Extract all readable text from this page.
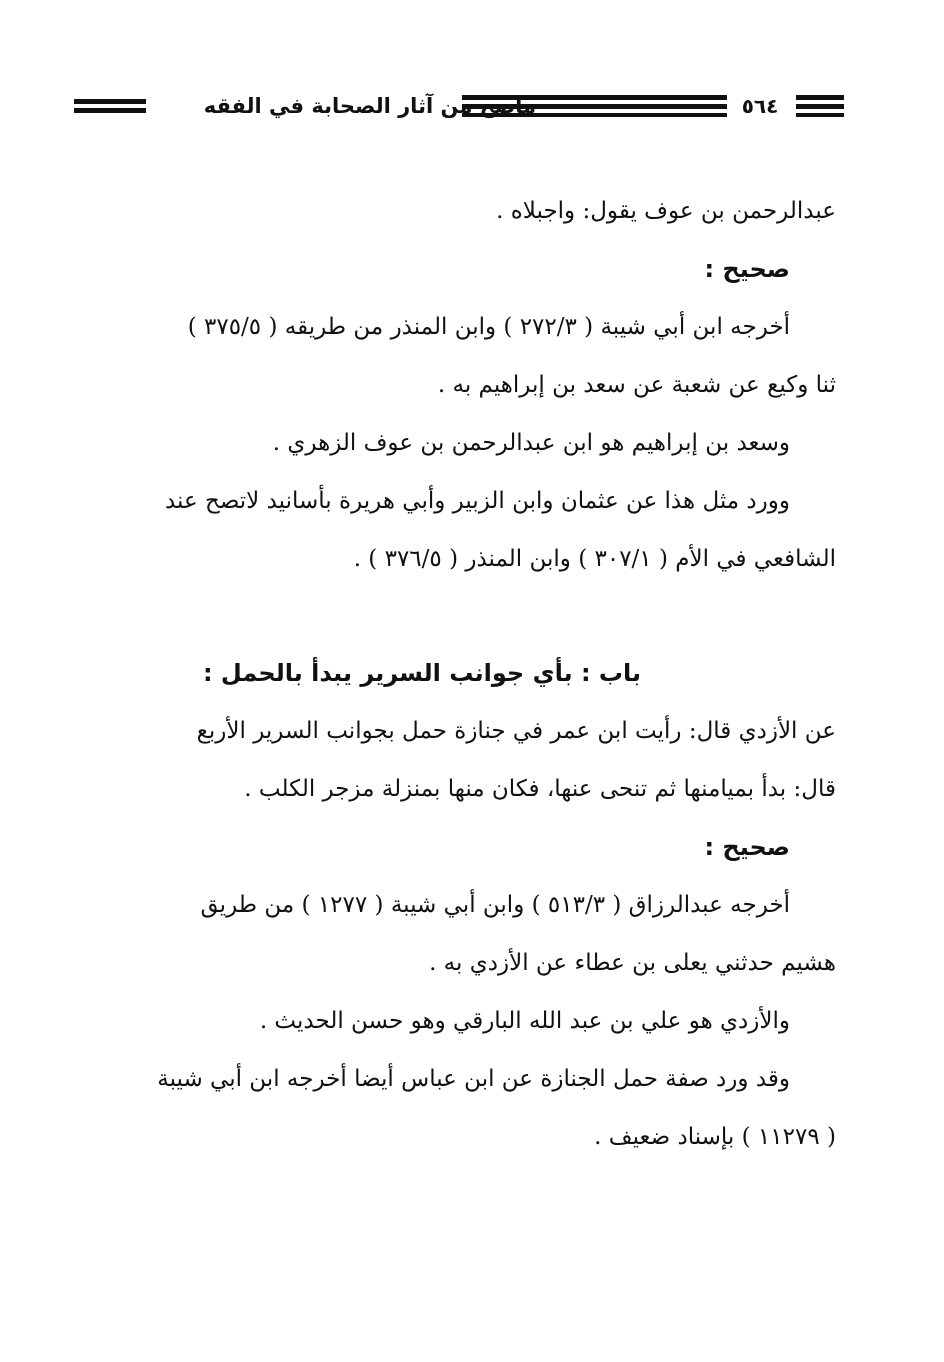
ماصح من آثار الصحابة في الفقه	٥٦٤
عبدالرحمن بن عوف يقول: واجبلاه .
صحيح :
أخرجه ابن أبي شيبة ( ٢٧٢/٣ ) وابن المنذر من طريقه ( ٣٧٥/٥ )
ثنا وكيع عن شعبة عن سعد بن إبراهيم به .
وسعد بن إبراهيم هو ابن عبدالرحمن بن عوف الزهري .
وورد مثل هذا عن عثمان وابن الزبير وأبي هريرة بأسانيد لاتصح عند
الشافعي في الأم ( ٣٠٧/١ ) وابن المنذر ( ٣٧٦/٥ ) .
باب : بأي جوانب السرير يبدأ بالحمل :
عن الأزدي قال: رأيت ابن عمر في جنازة حمل بجوانب السرير الأربع
قال: بدأ بميامنها ثم تنحى عنها، فكان منها بمنزلة مزجر الكلب .
صحيح :
أخرجه عبدالرزاق ( ٥١٣/٣ ) وابن أبي شيبة ( ١٢٧٧ ) من طريق
هشيم حدثني يعلى بن عطاء عن الأزدي به .
والأزدي هو علي بن عبد الله البارقي وهو حسن الحديث .
وقد ورد صفة حمل الجنازة عن ابن عباس أيضا أخرجه ابن أبي شيبة
( ١١٢٧٩ ) بإسناد ضعيف .
